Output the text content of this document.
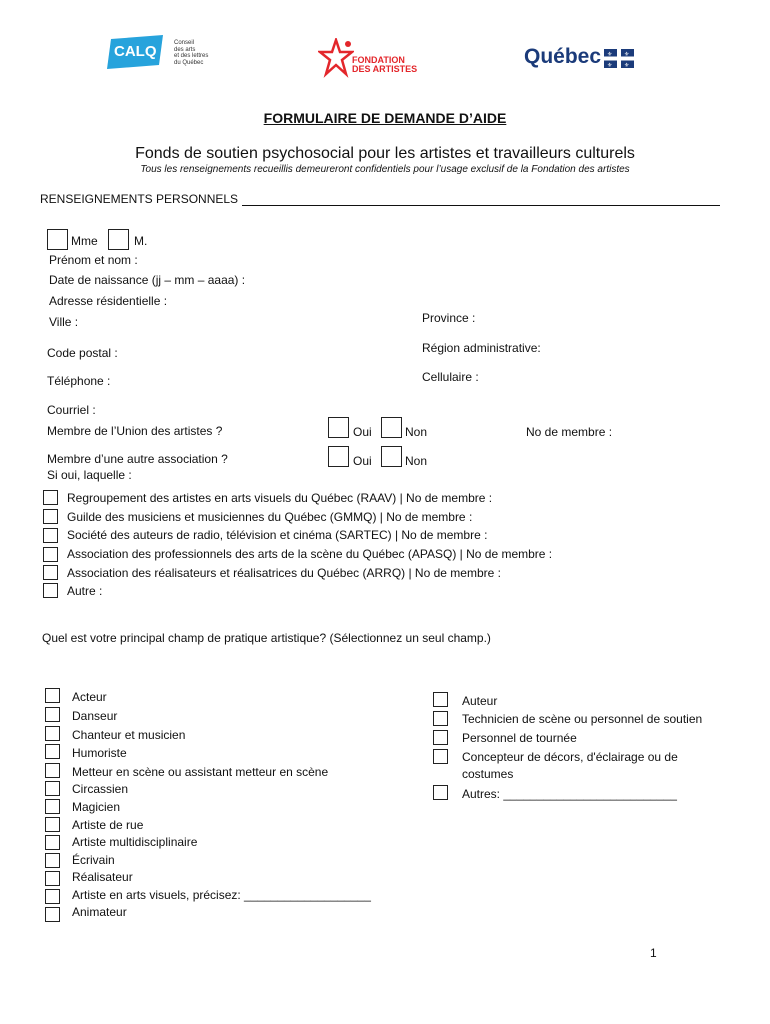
CALQ	Conseil
des arts
et des lettres
du Québec	FONDATION
DES ARTISTES
Québec ⚜ ⚜
⚜ ⚜
FORMULAIRE DE DEMANDE D’AIDE
Fonds de soutien psychosocial pour les artistes et travailleurs culturels
Tous les renseignements recueillis demeureront confidentiels pour l’usage exclusif de la Fondation des artistes
RENSEIGNEMENTS PERSONNELS
Mme	M.
Prénom et nom :
Date de naissance (jj – mm – aaaa) :
Adresse résidentielle :
Ville :	Province :
Code postal :	Région administrative:
Téléphone :	Cellulaire :
Courriel :
Membre de l’Union des artistes ?	Oui	Non	No de membre :
Membre d’une autre association ?	Oui	Non
Si oui, laquelle :
Regroupement des artistes en arts visuels du Québec (RAAV) | No de membre :
Guilde des musiciens et musiciennes du Québec (GMMQ) | No de membre :
Société des auteurs de radio, télévision et cinéma (SARTEC) | No de membre :
Association des professionnels des arts de la scène du Québec (APASQ) | No de membre :
Association des réalisateurs et réalisatrices du Québec (ARRQ) | No de membre :
Autre :
Quel est votre principal champ de pratique artistique? (Sélectionnez un seul champ.)
Acteur
Danseur
Chanteur et musicien
Humoriste
Metteur en scène ou assistant metteur en scène
Circassien
Magicien
Artiste de rue
Artiste multidisciplinaire
Écrivain
Réalisateur
Artiste en arts visuels, précisez: ___________________
Animateur
Auteur
Technicien de scène ou personnel de soutien
Personnel de tournée
Concepteur de décors, d'éclairage ou de
costumes
Autres: __________________________
1
